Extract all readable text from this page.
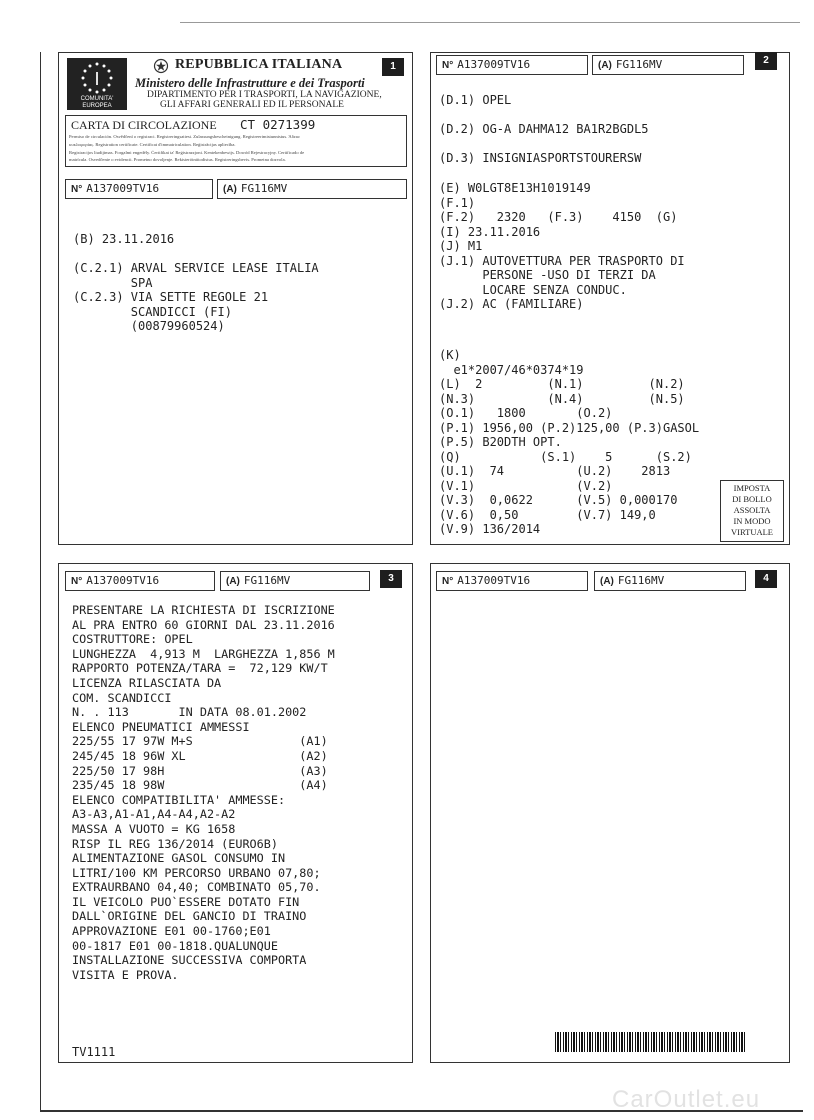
I
COMUNITA'
EUROPEA
REPUBBLICA ITALIANA
Ministero delle Infrastrutture e dei Trasporti
DIPARTIMENTO PER I TRASPORTI, LA NAVIGAZIONE,
GLI AFFARI GENERALI ED IL PERSONALE
1
CARTA DI CIRCOLAZIONE CT 0271399
Permiso de circulación. Osvědčení o registraci. Registreringsattest. Zulassungsbescheinigung. Registreerimistunnistus. Άδεια
κυκλοφορίας. Registration certificate. Certificat d'immatriculation. Reģistrācijas apliecība.
Registracijos liudijimas. Forgalmi engedély. Ċertifikat ta' Reġistrazzjoni. Kentekenbewijs. Dowód Rejestracyjny. Certificado de
matrícula. Osvedčenie o evidencii. Prometno dovoljenje. Rekisteröintitodistus. Registreringsbevis. Prometna dozvola.
N° A137009TV16	(A) FG116MV
(B) 23.11.2016
(C.2.1) ARVAL SERVICE LEASE ITALIA
SPA
(C.2.3) VIA SETTE REGOLE 21
SCANDICCI (FI)
(00879960524)
N° A137009TV16	(A) FG116MV	2
(D.1) OPEL

(D.2) OG-A DAHMA12 BA1R2BGDL5

(D.3) INSIGNIASPORTSTOURERSW
(E) W0LGT8E13H1019149
(F.1)
(F.2)   2320   (F.3)    4150  (G)
(I) 23.11.2016
(J) M1
(J.1) AUTOVETTURA PER TRASPORTO DI
PERSONE -USO DI TERZI DA
LOCARE SENZA CONDUC.
(J.2) AC (FAMILIARE)
(K)
e1*2007/46*0374*19
(L)  2         (N.1)         (N.2)
(N.3)          (N.4)         (N.5)
(O.1)   1800       (O.2)
(P.1) 1956,00 (P.2)125,00 (P.3)GASOL
(P.5) B20DTH OPT.
(Q)           (S.1)    5      (S.2)
(U.1)  74          (U.2)    2813
(V.1)              (V.2)
(V.3)  0,0622      (V.5) 0,000170
(V.6)  0,50        (V.7) 149,0
(V.9) 136/2014
IMPOSTA
DI BOLLO
ASSOLTA
IN MODO
VIRTUALE
N° A137009TV16	(A) FG116MV	3
PRESENTARE LA RICHIESTA DI ISCRIZIONE
AL PRA ENTRO 60 GIORNI DAL 23.11.2016
COSTRUTTORE: OPEL
LUNGHEZZA  4,913 M  LARGHEZZA 1,856 M
RAPPORTO POTENZA/TARA =  72,129 KW/T
LICENZA RILASCIATA DA
COM. SCANDICCI
N. . 113       IN DATA 08.01.2002
ELENCO PNEUMATICI AMMESSI
225/55 17 97W M+S               (A1)
245/45 18 96W XL                (A2)
225/50 17 98H                   (A3)
235/45 18 98W                   (A4)
ELENCO COMPATIBILITA' AMMESSE:
A3-A3,A1-A1,A4-A4,A2-A2
MASSA A VUOTO = KG 1658
RISP IL REG 136/2014 (EURO6B)
ALIMENTAZIONE GASOL CONSUMO IN
LITRI/100 KM PERCORSO URBANO 07,80;
EXTRAURBANO 04,40; COMBINATO 05,70.
IL VEICOLO PUO`ESSERE DOTATO FIN
DALL`ORIGINE DEL GANCIO DI TRAINO
APPROVAZIONE E01 00-1760;E01
00-1817 E01 00-1818.QUALUNQUE
INSTALLAZIONE SUCCESSIVA COMPORTA
VISITA E PROVA.
TV1111
N° A137009TV16	(A) FG116MV	4
CarOutlet.eu
